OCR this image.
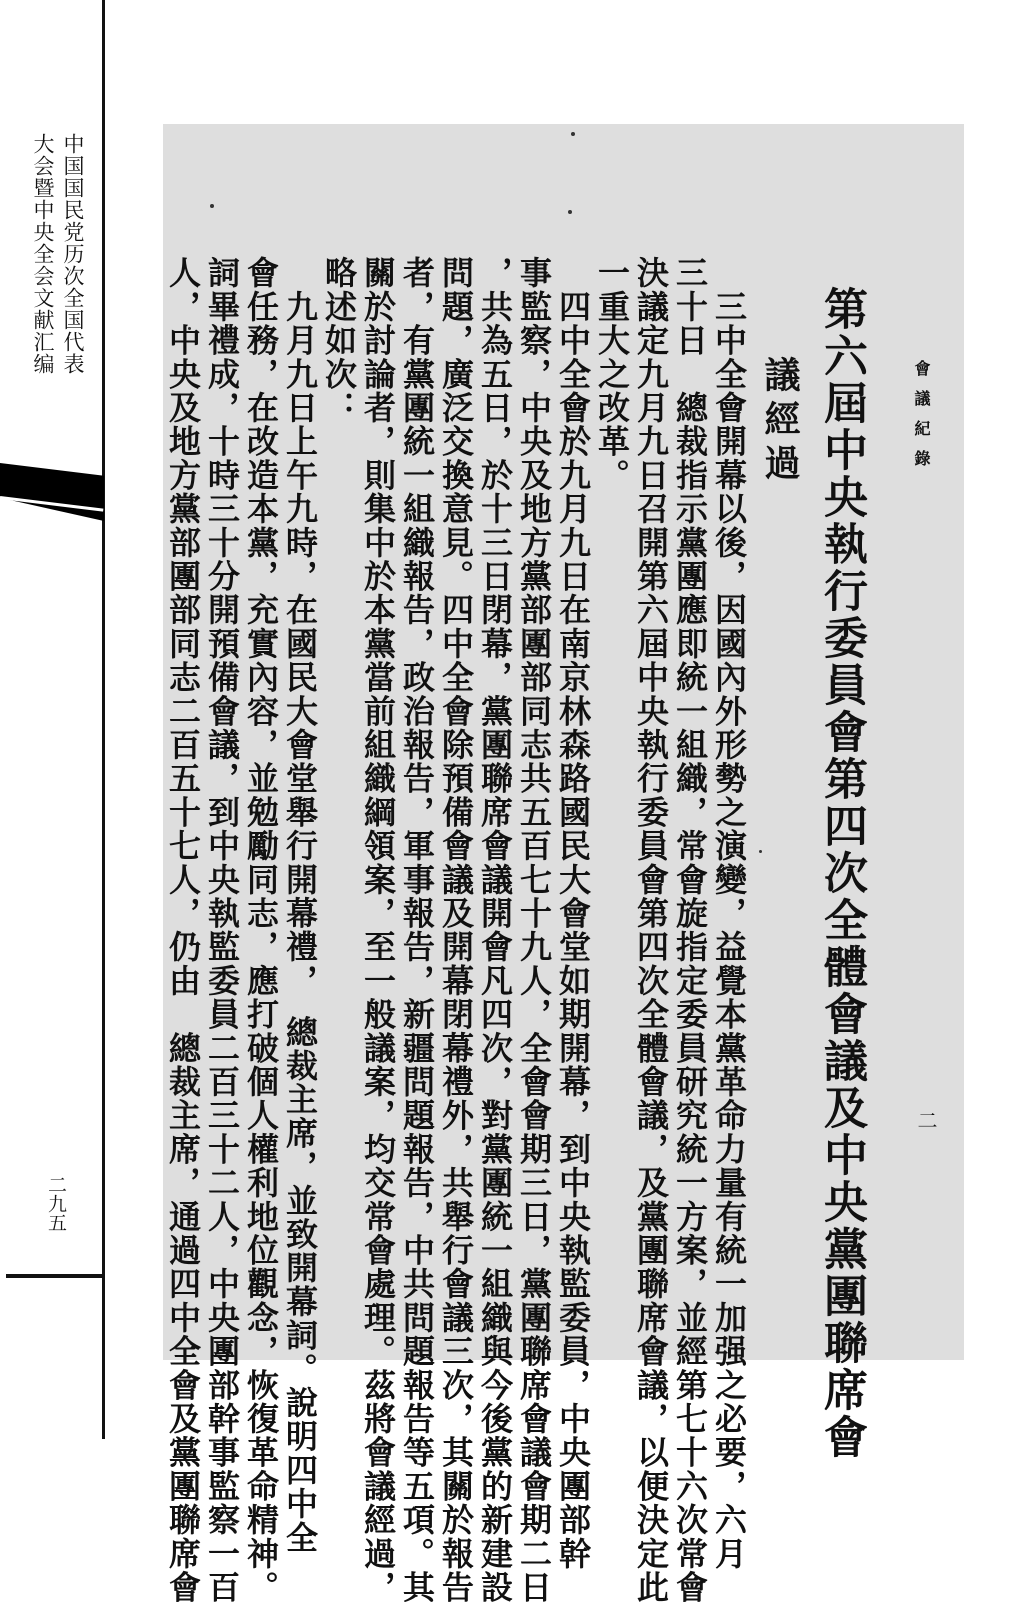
中国国民党历次全国代表
大会暨中央全会文献汇编
二九五
會議紀錄
二
第六屆中央執行委員會第四次全體會議及中央黨團聯席會
議經過
　三中全會開幕以後，因國內外形勢之演變，益覺本黨革命力量有統一加强之必要，六月
三十日　總裁指示黨團應即統一組織，常會旋指定委員研究統一方案，並經第七十六次常會
決議定九月九日召開第六屆中央執行委員會第四次全體會議，及黨團聯席會議，以便決定此
一重大之改革。
　四中全會於九月九日在南京林森路國民大會堂如期開幕，到中央執監委員，中央團部幹
事監察，中央及地方黨部團部同志共五百七十九人，全會會期三日，黨團聯席會議會期二日
，共為五日，於十三日閉幕，黨團聯席會議開會凡四次，對黨團統一組織與今後黨的新建設
問題，廣泛交換意見。四中全會除預備會議及開幕閉幕禮外，共舉行會議三次，其關於報告
者，有黨團統一組織報告，政治報告，軍事報告，新疆問題報告，中共問題報告等五項。其
關於討論者，則集中於本黨當前組織綱領案，至一般議案，均交常會處理。茲將會議經過，
略述如次：
　九月九日上午九時，在國民大會堂舉行開幕禮，　總裁主席，並致開幕詞。說明四中全
會任務，在改造本黨，充實內容，並勉勵同志，應打破個人權利地位觀念，恢復革命精神。
詞畢禮成，十時三十分開預備會議，到中央執監委員二百三十二人，中央團部幹事監察一百
人，中央及地方黨部團部同志二百五十七人，仍由　總裁主席，通過四中全會及黨團聯席會
